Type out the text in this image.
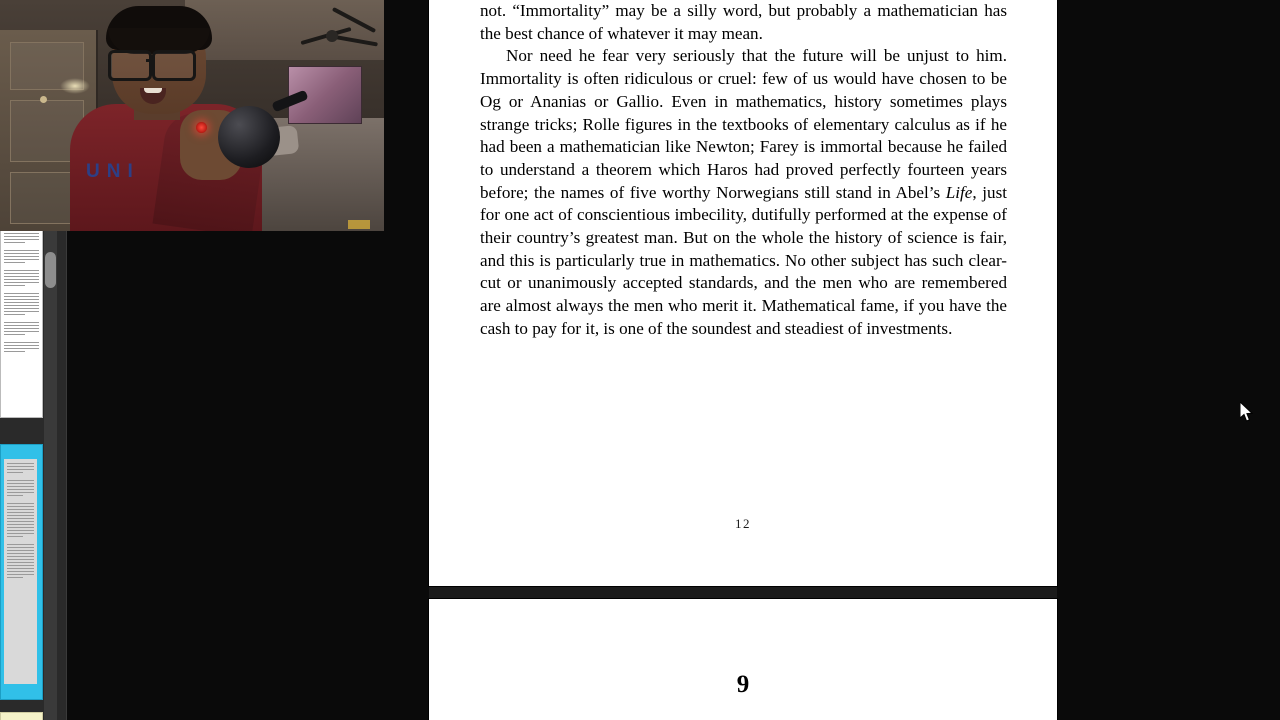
not. “Immortality” may be a silly word, but probably a mathematician has the best chance of whatever it may mean.

Nor need he fear very seriously that the future will be unjust to him. Immortality is often ridiculous or cruel: few of us would have chosen to be Og or Ananias or Gallio. Even in mathematics, history sometimes plays strange tricks; Rolle figures in the textbooks of elementary calculus as if he had been a mathematician like Newton; Farey is immortal because he failed to understand a theorem which Haros had proved perfectly fourteen years before; the names of five worthy Norwegians still stand in Abel’s Life, just for one act of conscientious imbecility, dutifully performed at the expense of their country’s greatest man. But on the whole the history of science is fair, and this is particularly true in mathematics. No other subject has such clear-cut or unanimously accepted standards, and the men who are remembered are almost always the men who merit it. Mathematical fame, if you have the cash to pay for it, is one of the soundest and steadiest of investments.

12
9
UNI
